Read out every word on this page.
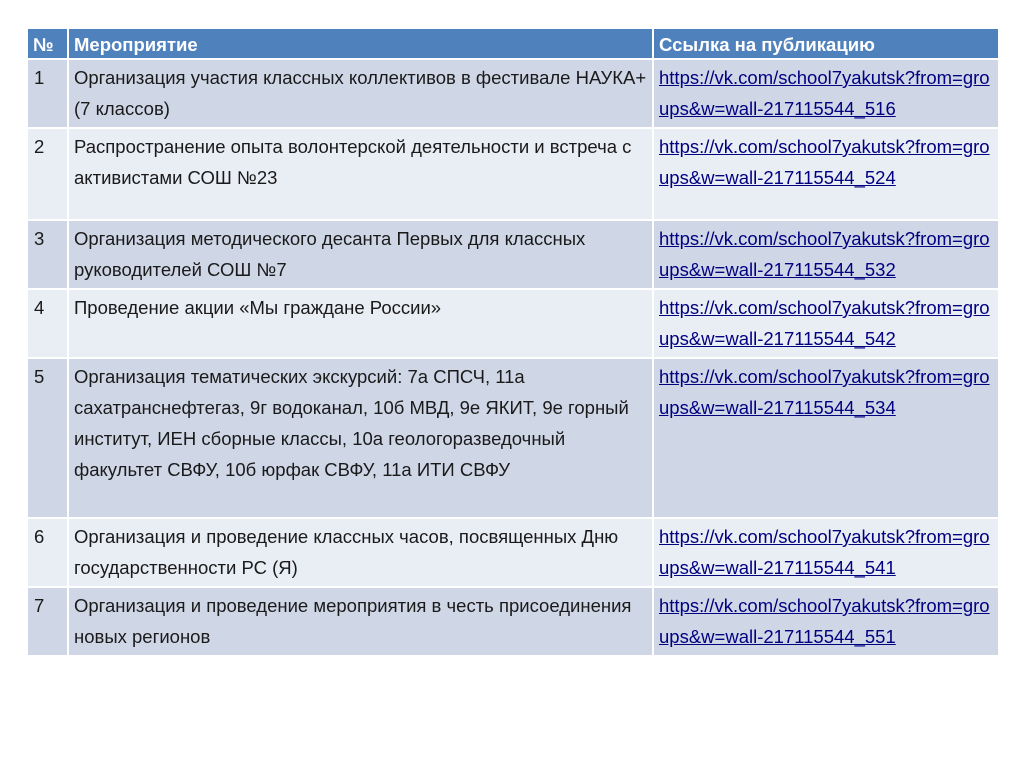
№	Мероприятие	Ссылка на публикацию
1	Организация участия классных коллективов в фестивале НАУКА+ (7 классов)	https://vk.com/school7yakutsk?from=groups&w=wall-217115544_516
2	Распространение опыта волонтерской деятельности и встреча с активистами СОШ №23	https://vk.com/school7yakutsk?from=groups&w=wall-217115544_524
3	Организация методического десанта Первых для классных руководителей СОШ №7	https://vk.com/school7yakutsk?from=groups&w=wall-217115544_532
4	Проведение акции «Мы граждане России»	https://vk.com/school7yakutsk?from=groups&w=wall-217115544_542
5	Организация тематических экскурсий: 7а СПСЧ, 11а сахатранснефтегаз, 9г водоканал, 10б МВД, 9е ЯКИТ, 9е горный институт, ИЕН сборные классы, 10а геологоразведочный факультет СВФУ, 10б юрфак СВФУ, 11а ИТИ СВФУ	https://vk.com/school7yakutsk?from=groups&w=wall-217115544_534
6	Организация и проведение классных часов, посвященных Дню государственности РС (Я)	https://vk.com/school7yakutsk?from=groups&w=wall-217115544_541
7	Организация и проведение мероприятия в честь присоединения новых регионов	https://vk.com/school7yakutsk?from=groups&w=wall-217115544_551
